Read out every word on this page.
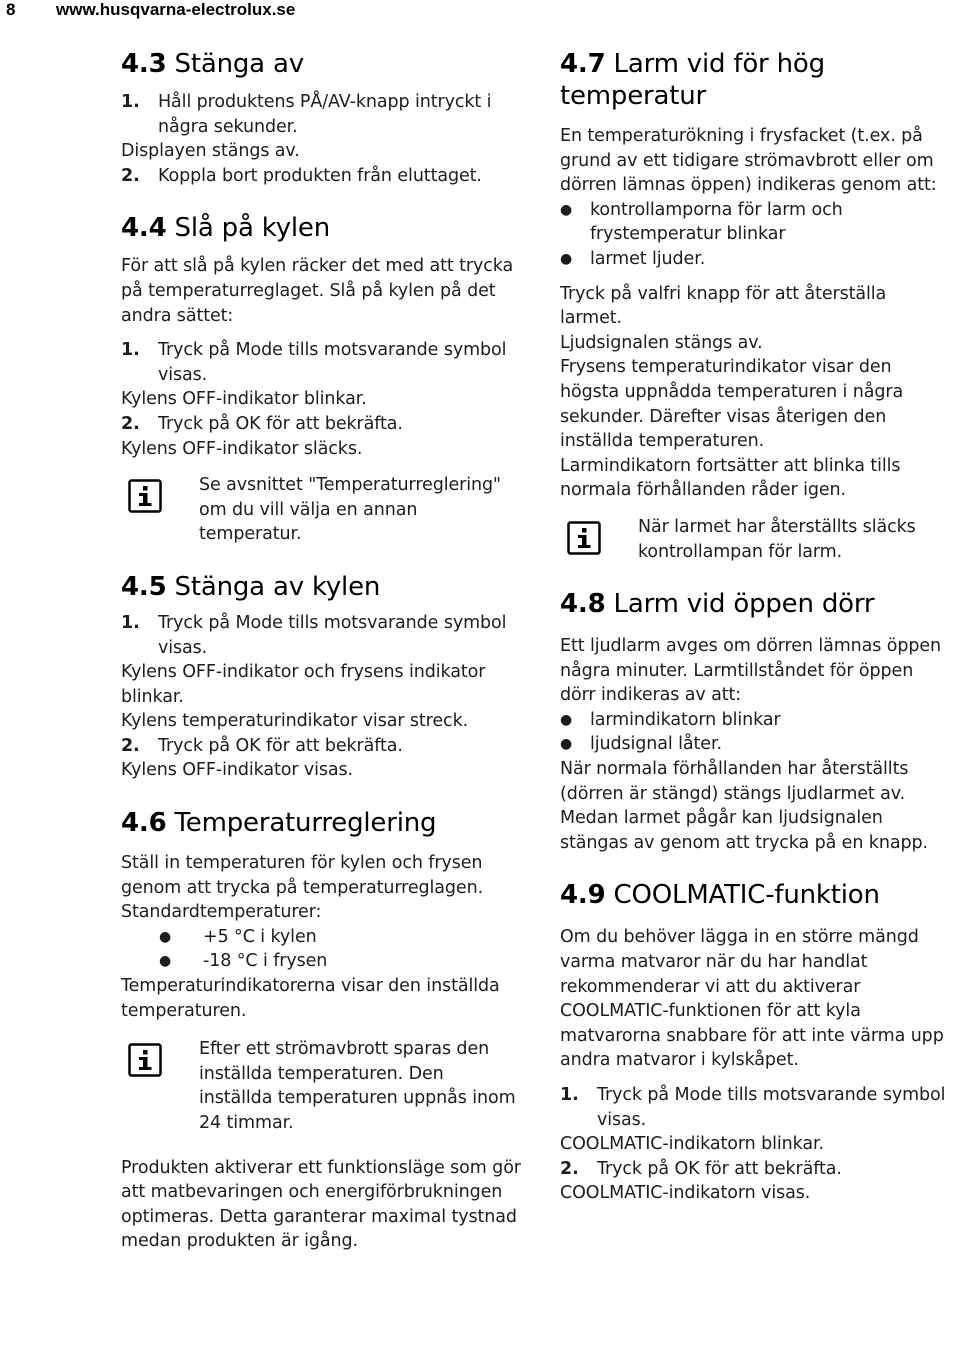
8 www.husqvarna-electrolux.se
4.3 Stänga av
1. Håll produktens PÅ/AV-knapp intryckt i några sekunder.
Displayen stängs av.
2. Koppla bort produkten från eluttaget.
4.4 Slå på kylen
För att slå på kylen räcker det med att trycka på temperaturreglaget. Slå på kylen på det andra sättet:
1. Tryck på Mode tills motsvarande symbol visas.
Kylens OFF-indikator blinkar.
2. Tryck på OK för att bekräfta.
Kylens OFF-indikator släcks.
Se avsnittet "Temperaturreglering" om du vill välja en annan temperatur.
4.5 Stänga av kylen
1. Tryck på Mode tills motsvarande symbol visas.
Kylens OFF-indikator och frysens indikator blinkar.
Kylens temperaturindikator visar streck.
2. Tryck på OK för att bekräfta.
Kylens OFF-indikator visas.
4.6 Temperaturreglering
Ställ in temperaturen för kylen och frysen genom att trycka på temperaturreglagen.
Standardtemperaturer:
● +5 °C i kylen
● -18 °C i frysen
Temperaturindikatorerna visar den inställda temperaturen.
Efter ett strömavbrott sparas den inställda temperaturen. Den inställda temperaturen uppnås inom 24 timmar.
Produkten aktiverar ett funktionsläge som gör att matbevaringen och energiförbrukningen optimeras. Detta garanterar maximal tystnad medan produkten är igång.
4.7 Larm vid för hög temperatur
En temperaturökning i frysfacket (t.ex. på grund av ett tidigare strömavbrott eller om dörren lämnas öppen) indikeras genom att:
● kontrollamporna för larm och frystemperatur blinkar
● larmet ljuder.
Tryck på valfri knapp för att återställa larmet.
Ljudsignalen stängs av.
Frysens temperaturindikator visar den högsta uppnådda temperaturen i några sekunder. Därefter visas återigen den inställda temperaturen.
Larmindikatorn fortsätter att blinka tills normala förhållanden råder igen.
När larmet har återställts släcks kontrollampan för larm.
4.8 Larm vid öppen dörr
Ett ljudlarm avges om dörren lämnas öppen några minuter. Larmtillståndet för öppen dörr indikeras av att:
● larmindikatorn blinkar
● ljudsignal låter.
När normala förhållanden har återställts (dörren är stängd) stängs ljudlarmet av. Medan larmet pågår kan ljudsignalen stängas av genom att trycka på en knapp.
4.9 COOLMATIC-funktion
Om du behöver lägga in en större mängd varma matvaror när du har handlat rekommenderar vi att du aktiverar COOLMATIC-funktionen för att kyla matvarorna snabbare för att inte värma upp andra matvaror i kylskåpet.
1. Tryck på Mode tills motsvarande symbol visas.
COOLMATIC-indikatorn blinkar.
2. Tryck på OK för att bekräfta.
COOLMATIC-indikatorn visas.
